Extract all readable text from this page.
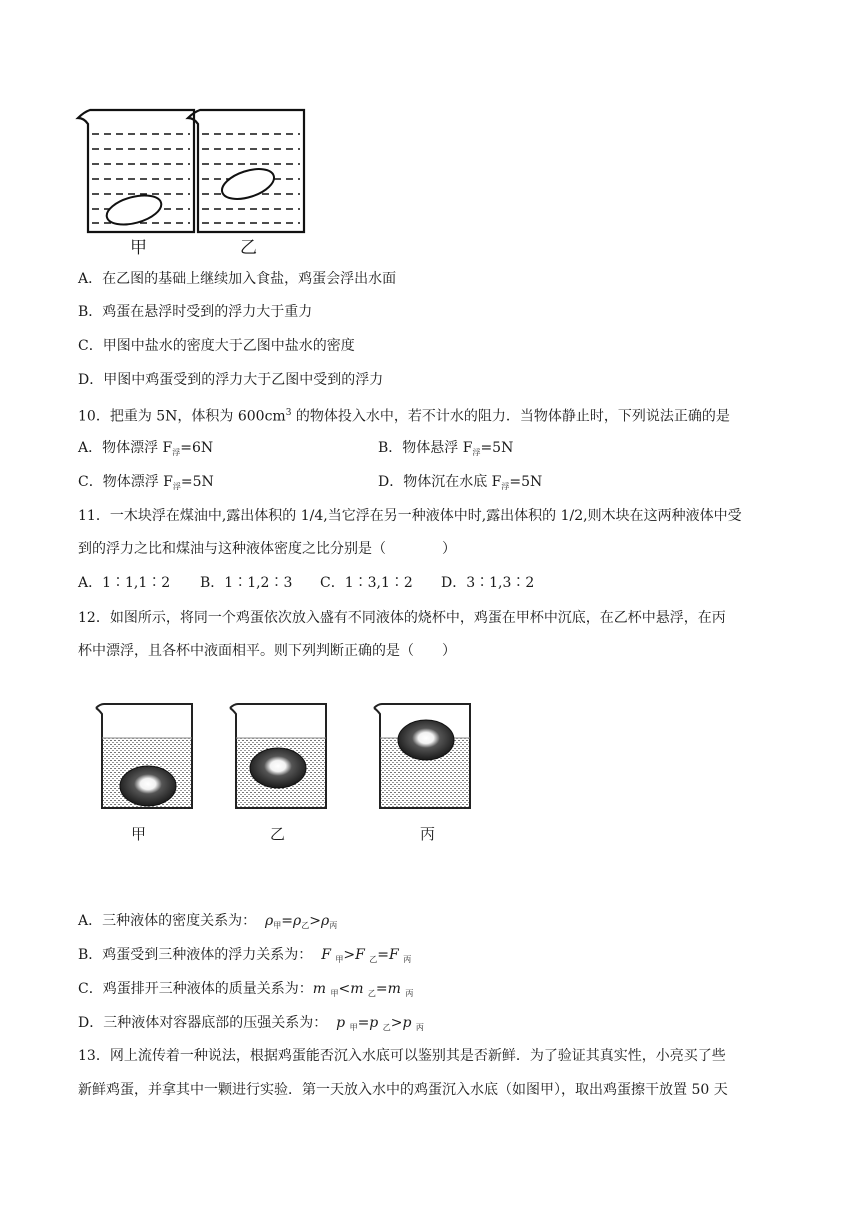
甲	乙
A．在乙图的基础上继续加入食盐，鸡蛋会浮出水面
B．鸡蛋在悬浮时受到的浮力大于重力
C．甲图中盐水的密度大于乙图中盐水的密度
D．甲图中鸡蛋受到的浮力大于乙图中受到的浮力
10．把重为 5N，体积为 $600cm^3$ 的物体投入水中，若不计水的阻力．当物体静止时，下列说法正确的是
A．物体漂浮 $F_浮=6N$	B．物体悬浮 $F_浮=5N$
C．物体漂浮 $F_浮=5N$	D．物体沉在水底 $F_浮=5N$
11．一木块浮在煤油中,露出体积的 1/4,当它浮在另一种液体中时,露出体积的 1/2,则木块在这两种液体中受
到的浮力之比和煤油与这种液体密度之比分别是（　　　　）
A．1∶1,1∶2 B．1∶1,2∶3 C．1∶3,1∶2 D．3∶1,3∶2
12．如图所示，将同一个鸡蛋依次放入盛有不同液体的烧杯中，鸡蛋在甲杯中沉底，在乙杯中悬浮，在丙
杯中漂浮，且各杯中液面相平。则下列判断正确的是（　　）
甲	乙	丙
A．三种液体的密度关系为： $\rho_甲=\rho_乙>\rho_丙$
B．鸡蛋受到三种液体的浮力关系为： F $_甲$>F $_乙$=F $_丙$
C．鸡蛋排开三种液体的质量关系为：m $_甲$<m $_乙$=m $_丙$
D．三种液体对容器底部的压强关系为： p $_甲$=p $_乙$>p $_丙$
13．网上流传着一种说法，根据鸡蛋能否沉入水底可以鉴别其是否新鲜．为了验证其真实性，小亮买了些
新鲜鸡蛋，并拿其中一颗进行实验．第一天放入水中的鸡蛋沉入水底（如图甲），取出鸡蛋擦干放置 50 天
